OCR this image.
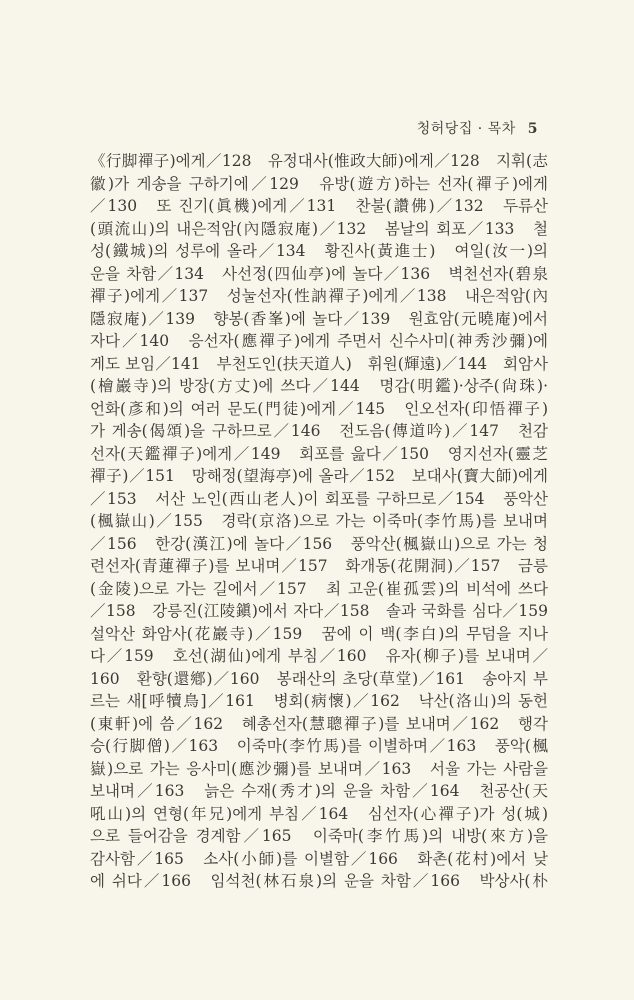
청허당집 · 목차 5
《行脚禪子)에게／128　유정대사(惟政大師)에게／128　지휘(志
徽)가 게송을 구하기에／129　유방(遊方)하는 선자(禪子)에게
／130　또 진기(眞機)에게／131　찬불(讚佛)／132　두류산
(頭流山)의 내은적암(內隱寂庵)／132　봄날의 회포／133　철
성(鐵城)의 성루에 올라／134　황진사(黃進士)　여일(汝一)의
운을 차함／134　사선정(四仙亭)에 놀다／136　벽천선자(碧泉
禪子)에게／137　성눌선자(性訥禪子)에게／138　내은적암(內
隱寂庵)／139　향봉(香峯)에 놀다／139　원효암(元曉庵)에서
자다／140　응선자(應禪子)에게 주면서 신수사미(神秀沙彌)에
게도 보임／141　부천도인(扶天道人)　휘원(輝遠)／144　회암사
(檜巖寺)의 방장(方丈)에 쓰다／144　명감(明鑑)·상주(尙珠)·
언화(彥和)의 여러 문도(門徒)에게／145　인오선자(印悟禪子)
가 게송(偈頌)을 구하므로／146　전도음(傳道吟)／147　천감
선자(天鑑禪子)에게／149　회포를 읊다／150　영지선자(靈芝
禪子)／151　망해정(望海亭)에 올라／152　보대사(寶大師)에게
／153　서산 노인(西山老人)이 회포를 구하므로／154　풍악산
(楓嶽山)／155　경락(京洛)으로 가는 이죽마(李竹馬)를 보내며
／156　한강(漢江)에 놀다／156　풍악산(楓嶽山)으로 가는 청
련선자(青蓮禪子)를 보내며／157　화개동(花開洞)／157　금릉
(金陵)으로 가는 길에서／157　최 고운(崔孤雲)의 비석에 쓰다
／158　강릉진(江陵鎭)에서 자다／158　솔과 국화를 심다／159
설악산 화암사(花巖寺)／159　꿈에 이 백(李白)의 무덤을 지나
다／159　호선(湖仙)에게 부침／160　유자(柳子)를 보내며／
160　환향(還鄕)／160　봉래산의 초당(草堂)／161　송아지 부
르는 새[呼犢鳥]／161　병회(病懷)／162　낙산(洛山)의 동헌
(東軒)에 씀／162　혜총선자(慧聰禪子)를 보내며／162　행각
승(行脚僧)／163　이죽마(李竹馬)를 이별하며／163　풍악(楓
嶽)으로 가는 응사미(應沙彌)를 보내며／163　서울 가는 사람을
보내며／163　늙은 수재(秀才)의 운을 차함／164　천공산(天
吼山)의 연형(年兄)에게 부침／164　심선자(心禪子)가 성(城)
으로 들어감을 경계함／165　이죽마(李竹馬)의 내방(來方)을
감사함／165　소사(小師)를 이별함／166　화촌(花村)에서 낮
에 쉬다／166　임석천(林石泉)의 운을 차함／166　박상사(朴
